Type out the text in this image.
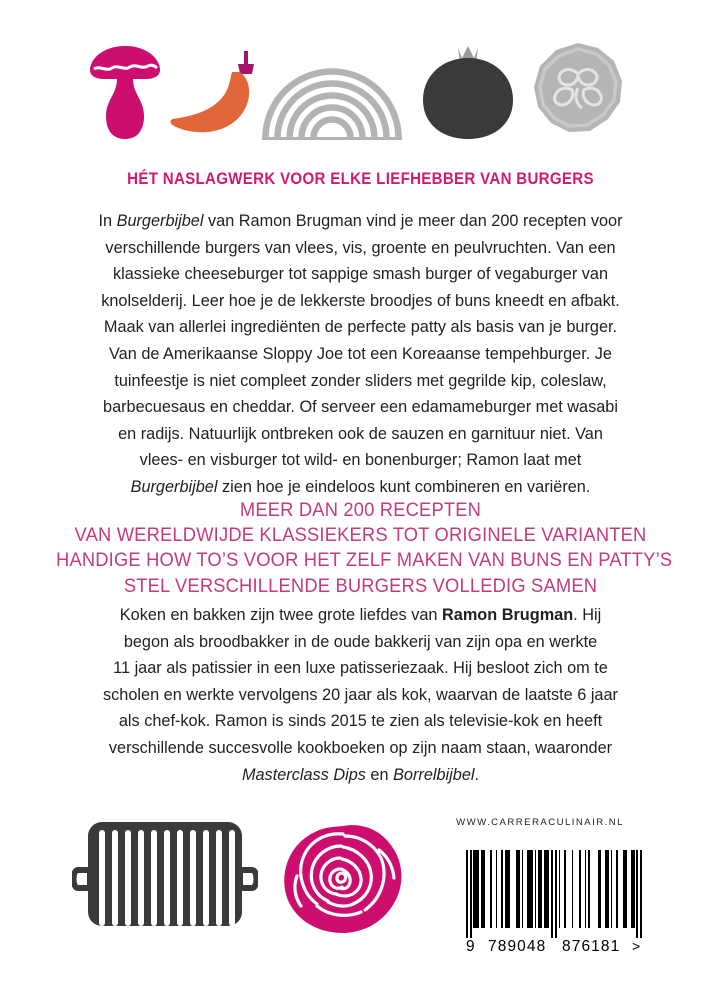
HÉT NASLAGWERK VOOR ELKE LIEFHEBBER VAN BURGERS
In Burgerbijbel van Ramon Brugman vind je meer dan 200 recepten voor
verschillende burgers van vlees, vis, groente en peulvruchten. Van een
klassieke cheeseburger tot sappige smash burger of vegaburger van
knolselderij. Leer hoe je de lekkerste broodjes of buns kneedt en afbakt.
Maak van allerlei ingrediënten de perfecte patty als basis van je burger.
Van de Amerikaanse Sloppy Joe tot een Koreaanse tempehburger. Je
tuinfeestje is niet compleet zonder sliders met gegrilde kip, coleslaw,
barbecuesaus en cheddar. Of serveer een edamameburger met wasabi
en radijs. Natuurlijk ontbreken ook de sauzen en garnituur niet. Van
vlees- en visburger tot wild- en bonenburger; Ramon laat met
Burgerbijbel zien hoe je eindeloos kunt combineren en variëren.
MEER DAN 200 RECEPTEN
VAN WERELDWIJDE KLASSIEKERS TOT ORIGINELE VARIANTEN
HANDIGE HOW TO’S VOOR HET ZELF MAKEN VAN BUNS EN PATTY’S
STEL VERSCHILLENDE BURGERS VOLLEDIG SAMEN
Koken en bakken zijn twee grote liefdes van Ramon Brugman. Hij
begon als broodbakker in de oude bakkerij van zijn opa en werkte
11 jaar als patissier in een luxe patisseriezaak. Hij besloot zich om te
scholen en werkte vervolgens 20 jaar als kok, waarvan de laatste 6 jaar
als chef-kok. Ramon is sinds 2015 te zien als televisie-kok en heeft
verschillende succesvolle kookboeken op zijn naam staan, waaronder
Masterclass Dips en Borrelbijbel.
WWW.CARRERACULINAIR.NL
9 789048 876181 >
